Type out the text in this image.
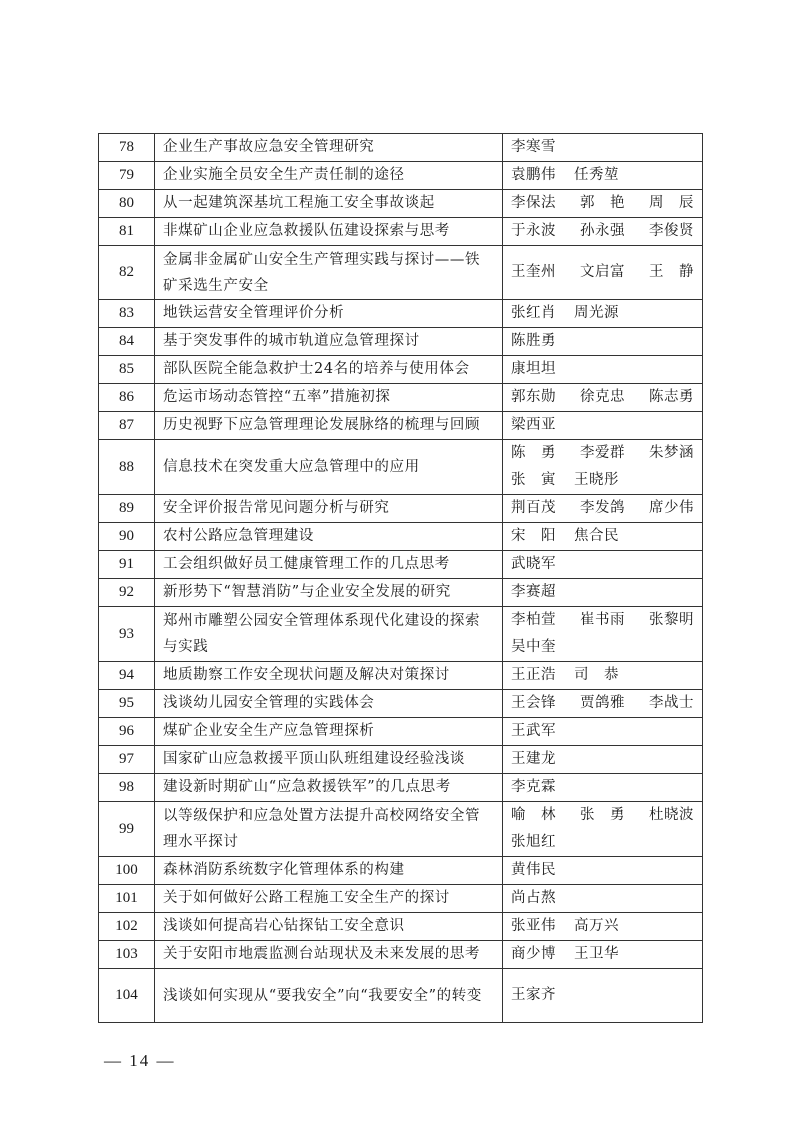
78	企业生产事故应急安全管理研究	李寒雪

79	企业实施全员安全生产责任制的途径	袁鹏伟 任秀堃

80	从一起建筑深基坑工程施工安全事故谈起	李保法 郭　艳 周　辰

81	非煤矿山企业应急救援队伍建设探索与思考	于永波 孙永强 李俊贤

82	金属非金属矿山安全生产管理实践与探讨——铁矿采选生产安全	王奎州 文启富 王　静

83	地铁运营安全管理评价分析	张红肖 周光源

84	基于突发事件的城市轨道应急管理探讨	陈胜勇

85	部队医院全能急救护士24名的培养与使用体会	康坦坦

86	危运市场动态管控“五率”措施初探	郭东勋 徐克忠 陈志勇

87	历史视野下应急管理理论发展脉络的梳理与回顾	梁西亚

88	信息技术在突发重大应急管理中的应用	陈　勇 李爱群 朱梦涵
张　寅 王晓彤

89	安全评价报告常见问题分析与研究	荆百茂 李发鸽 席少伟

90	农村公路应急管理建设	宋　阳 焦合民

91	工会组织做好员工健康管理工作的几点思考	武晓军

92	新形势下“智慧消防”与企业安全发展的研究	李赛超

93	郑州市雕塑公园安全管理体系现代化建设的探索与实践	李柏萱 崔书雨 张黎明
吴中奎

94	地质勘察工作安全现状问题及解决对策探讨	王正浩 司　恭

95	浅谈幼儿园安全管理的实践体会	王会锋 贾鸽雅 李战士

96	煤矿企业安全生产应急管理探析	王武军

97	国家矿山应急救援平顶山队班组建设经验浅谈	王建龙

98	建设新时期矿山“应急救援铁军”的几点思考	李克霖

99	以等级保护和应急处置方法提升高校网络安全管理水平探讨	喻　林 张　勇 杜晓波
张旭红

100	森林消防系统数字化管理体系的构建	黄伟民

101	关于如何做好公路工程施工安全生产的探讨	尚占熬

102	浅谈如何提高岩心钻探钻工安全意识	张亚伟 高万兴

103	关于安阳市地震监测台站现状及未来发展的思考	商少博 王卫华

104	浅谈如何实现从“要我安全”向“我要安全”的转变	王家齐
— 14 —
